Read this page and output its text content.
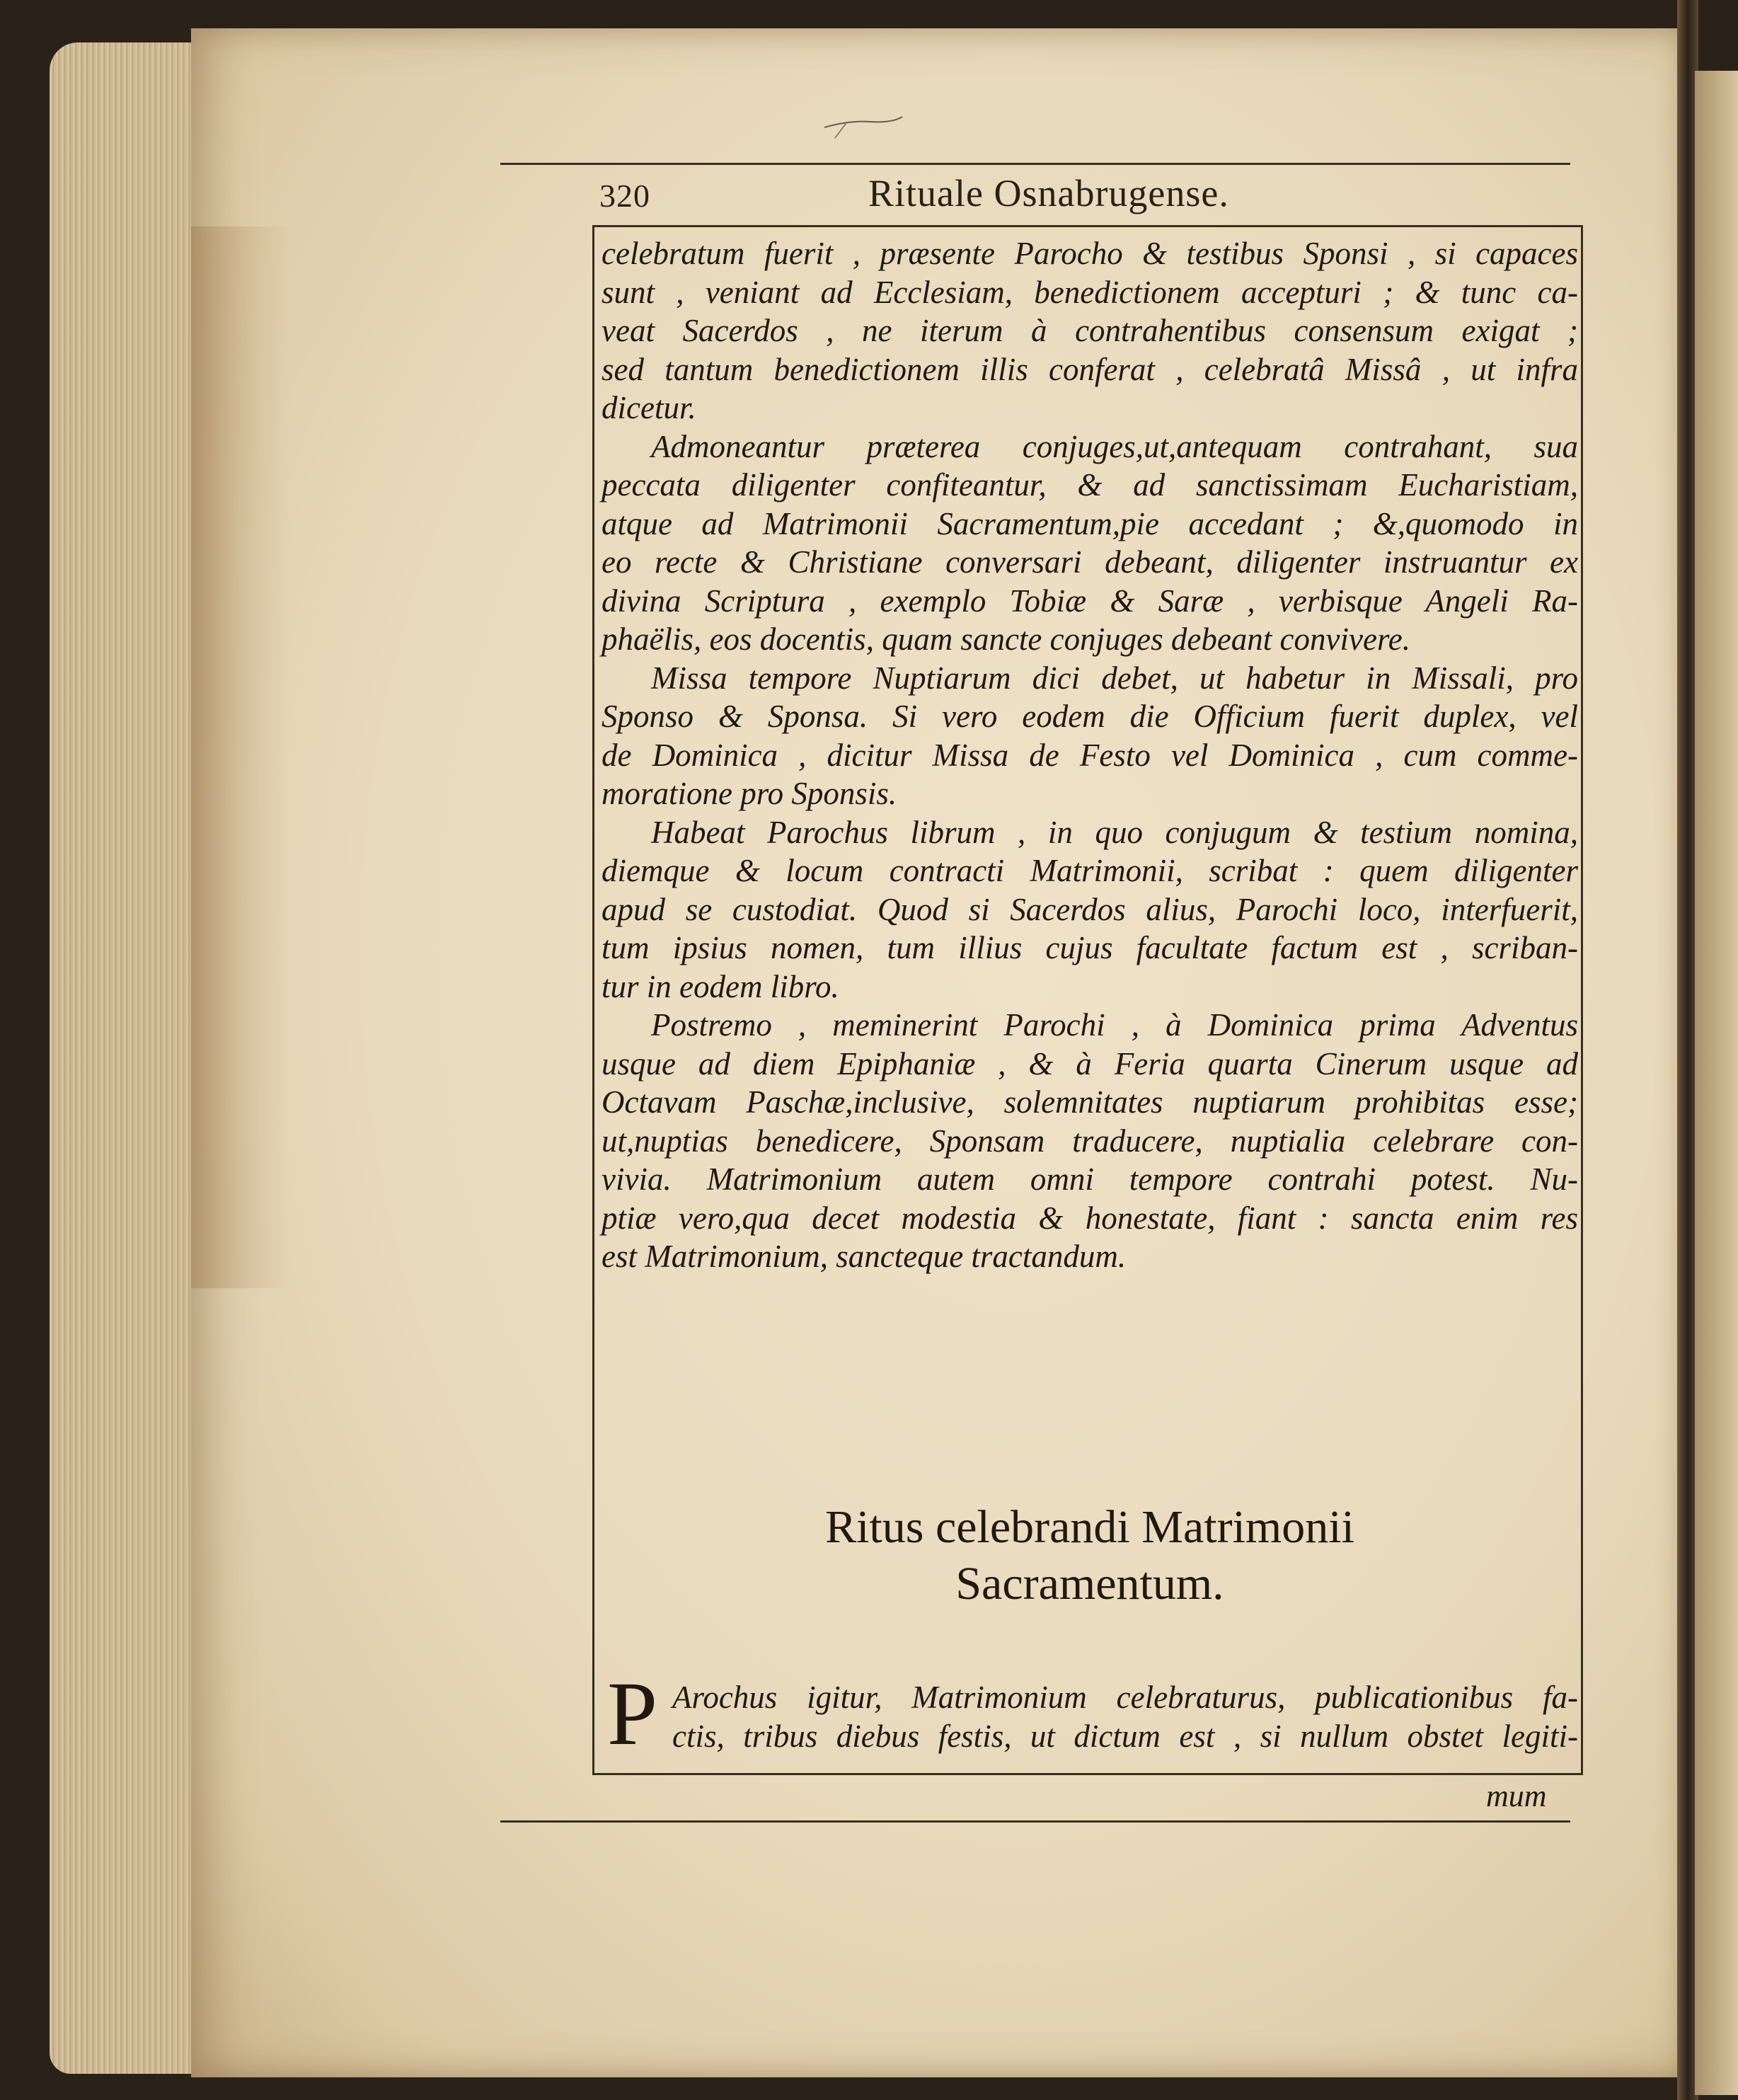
320	Rituale Osnabrugense.
celebratum fuerit , præsente Parocho & testibus Sponsi , si capaces
sunt , veniant ad Ecclesiam, benedictionem accepturi ; & tunc ca-
veat Sacerdos , ne iterum à contrahentibus consensum exigat ;
sed tantum benedictionem illis conferat , celebratâ Missâ , ut infra
dicetur.
Admoneantur præterea conjuges,ut,antequam contrahant, sua
peccata diligenter confiteantur, & ad sanctissimam Eucharistiam,
atque ad Matrimonii Sacramentum,pie accedant ; &,quomodo in
eo recte & Christiane conversari debeant, diligenter instruantur ex
divina Scriptura , exemplo Tobiæ & Saræ , verbisque Angeli Ra-
phaëlis, eos docentis, quam sancte conjuges debeant convivere.
Missa tempore Nuptiarum dici debet, ut habetur in Missali, pro
Sponso & Sponsa. Si vero eodem die Officium fuerit duplex, vel
de Dominica , dicitur Missa de Festo vel Dominica , cum comme-
moratione pro Sponsis.
Habeat Parochus librum , in quo conjugum & testium nomina,
diemque & locum contracti Matrimonii, scribat : quem diligenter
apud se custodiat. Quod si Sacerdos alius, Parochi loco, interfuerit,
tum ipsius nomen, tum illius cujus facultate factum est , scriban-
tur in eodem libro.
Postremo , meminerint Parochi , à Dominica prima Adventus
usque ad diem Epiphaniæ , & à Feria quarta Cinerum usque ad
Octavam Paschæ,inclusive, solemnitates nuptiarum prohibitas esse;
ut,nuptias benedicere, Sponsam traducere, nuptialia celebrare con-
vivia. Matrimonium autem omni tempore contrahi potest. Nu-
ptiæ vero,qua decet modestia & honestate, fiant : sancta enim res
est Matrimonium, sancteque tractandum.
Ritus celebrandi Matrimonii
Sacramentum.
P Arochus igitur, Matrimonium celebraturus, publicationibus fa-
ctis, tribus diebus festis, ut dictum est , si nullum obstet legiti-
mum
